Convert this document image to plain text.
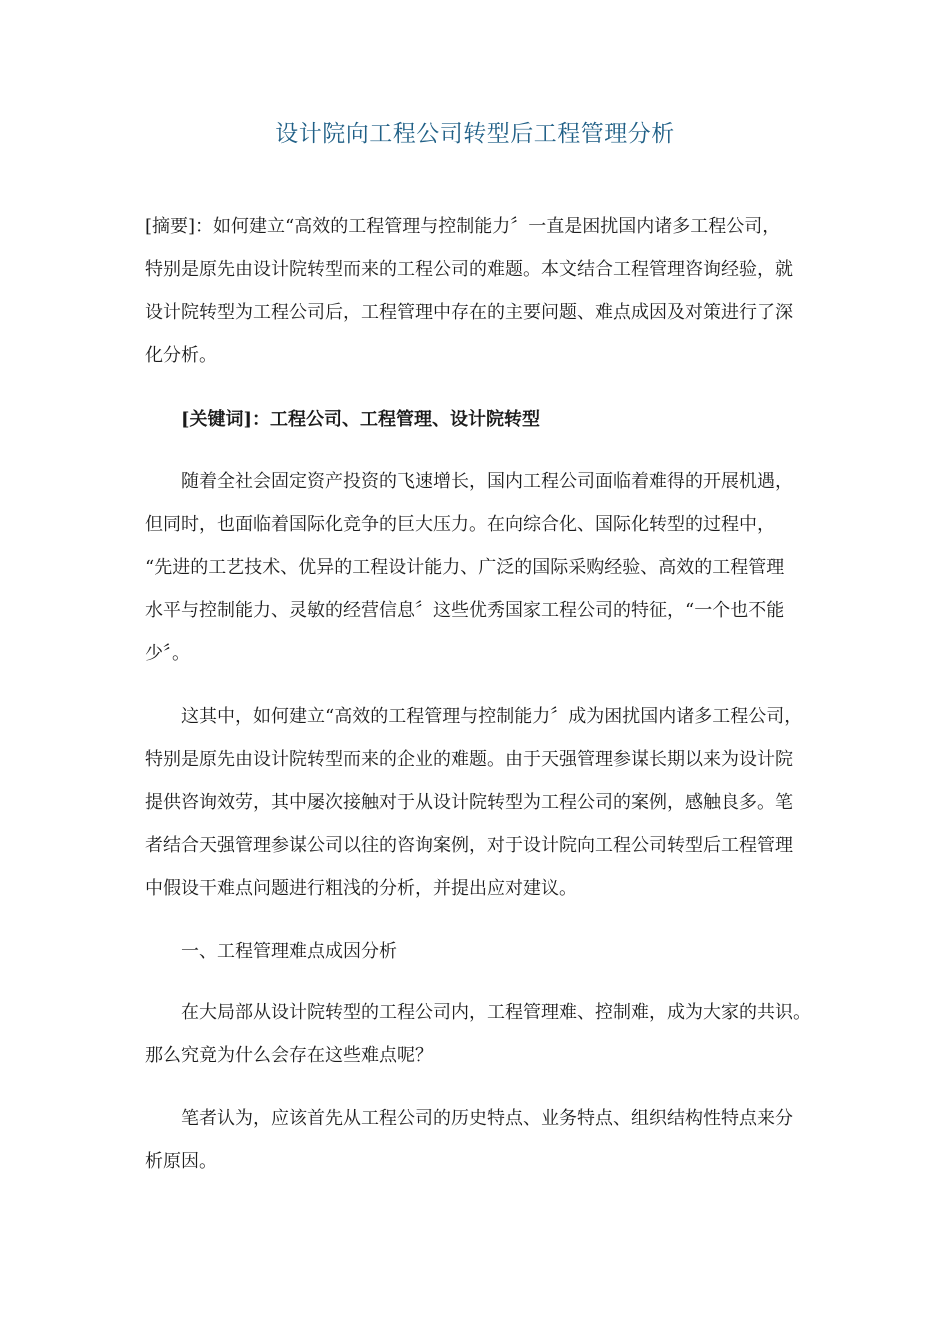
设计院向工程公司转型后工程管理分析
[摘要]：如何建立“高效的工程管理与控制能力〞一直是困扰国内诸多工程公司，
特别是原先由设计院转型而来的工程公司的难题。本文结合工程管理咨询经验，就
设计院转型为工程公司后，工程管理中存在的主要问题、难点成因及对策进行了深
化分析。
[关键词]：工程公司、工程管理、设计院转型
随着全社会固定资产投资的飞速增长，国内工程公司面临着难得的开展机遇，
但同时，也面临着国际化竞争的巨大压力。在向综合化、国际化转型的过程中，
“先进的工艺技术、优异的工程设计能力、广泛的国际采购经验、高效的工程管理
水平与控制能力、灵敏的经营信息〞这些优秀国家工程公司的特征，“一个也不能
少〞。
这其中，如何建立“高效的工程管理与控制能力〞成为困扰国内诸多工程公司，
特别是原先由设计院转型而来的企业的难题。由于天强管理参谋长期以来为设计院
提供咨询效劳，其中屡次接触对于从设计院转型为工程公司的案例，感触良多。笔
者结合天强管理参谋公司以往的咨询案例，对于设计院向工程公司转型后工程管理
中假设干难点问题进行粗浅的分析，并提出应对建议。
一、工程管理难点成因分析
在大局部从设计院转型的工程公司内，工程管理难、控制难，成为大家的共识。
那么究竟为什么会存在这些难点呢？
笔者认为，应该首先从工程公司的历史特点、业务特点、组织结构性特点来分
析原因。
